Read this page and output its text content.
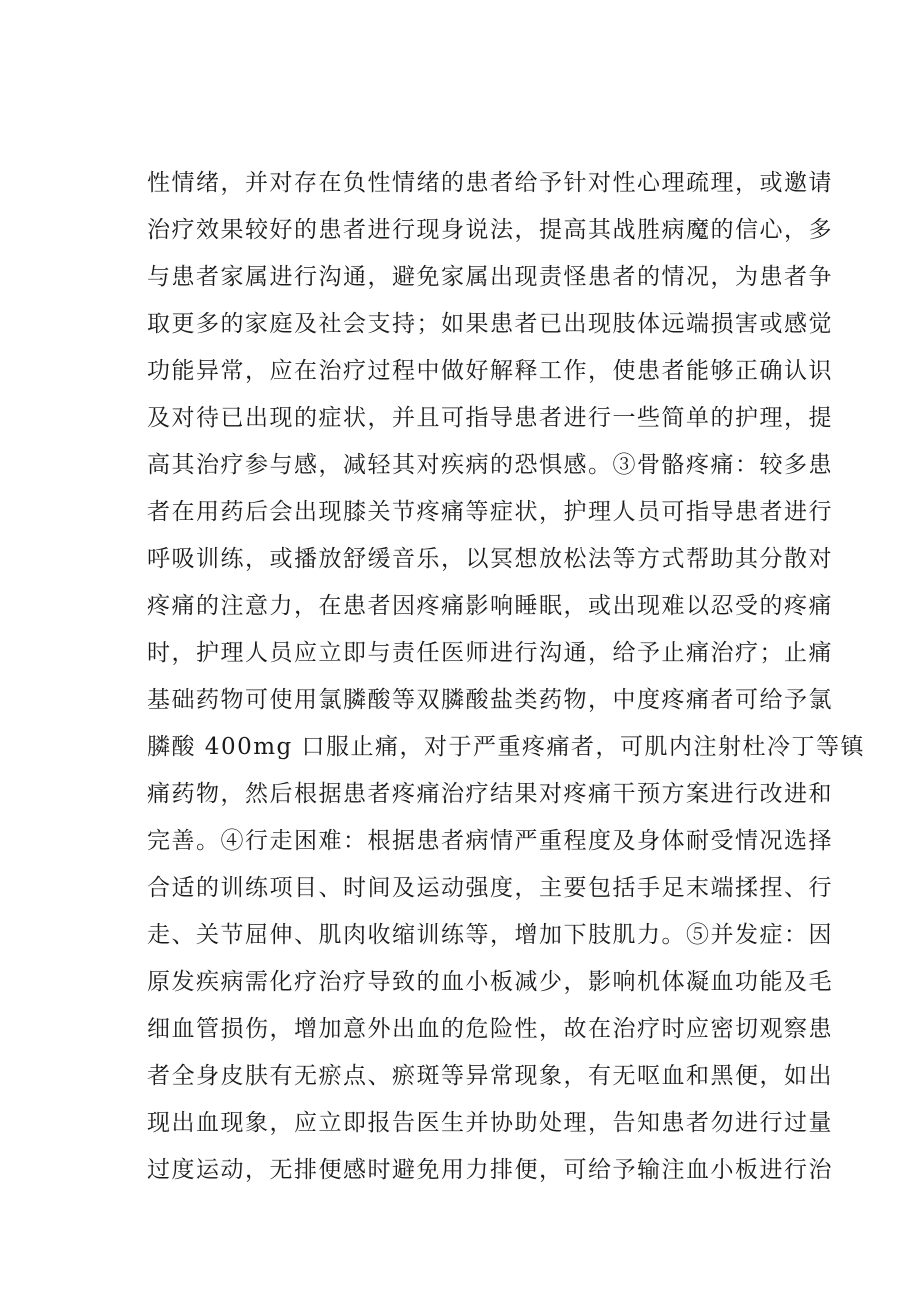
性情绪，并对存在负性情绪的患者给予针对性心理疏理，或邀请
治疗效果较好的患者进行现身说法，提高其战胜病魔的信心，多
与患者家属进行沟通，避免家属出现责怪患者的情况，为患者争
取更多的家庭及社会支持；如果患者已出现肢体远端损害或感觉
功能异常，应在治疗过程中做好解释工作，使患者能够正确认识
及对待已出现的症状，并且可指导患者进行一些简单的护理，提
高其治疗参与感，减轻其对疾病的恐惧感。③骨骼疼痛：较多患
者在用药后会出现膝关节疼痛等症状，护理人员可指导患者进行
呼吸训练，或播放舒缓音乐，以冥想放松法等方式帮助其分散对
疼痛的注意力，在患者因疼痛影响睡眠，或出现难以忍受的疼痛
时，护理人员应立即与责任医师进行沟通，给予止痛治疗；止痛
基础药物可使用氯膦酸等双膦酸盐类药物，中度疼痛者可给予氯
膦酸 400mg 口服止痛，对于严重疼痛者，可肌内注射杜冷丁等镇
痛药物，然后根据患者疼痛治疗结果对疼痛干预方案进行改进和
完善。④行走困难：根据患者病情严重程度及身体耐受情况选择
合适的训练项目、时间及运动强度，主要包括手足末端揉捏、行
走、关节屈伸、肌肉收缩训练等，增加下肢肌力。⑤并发症：因
原发疾病需化疗治疗导致的血小板减少，影响机体凝血功能及毛
细血管损伤，增加意外出血的危险性，故在治疗时应密切观察患
者全身皮肤有无瘀点、瘀斑等异常现象，有无呕血和黑便，如出
现出血现象，应立即报告医生并协助处理，告知患者勿进行过量
过度运动，无排便感时避免用力排便，可给予输注血小板进行治
